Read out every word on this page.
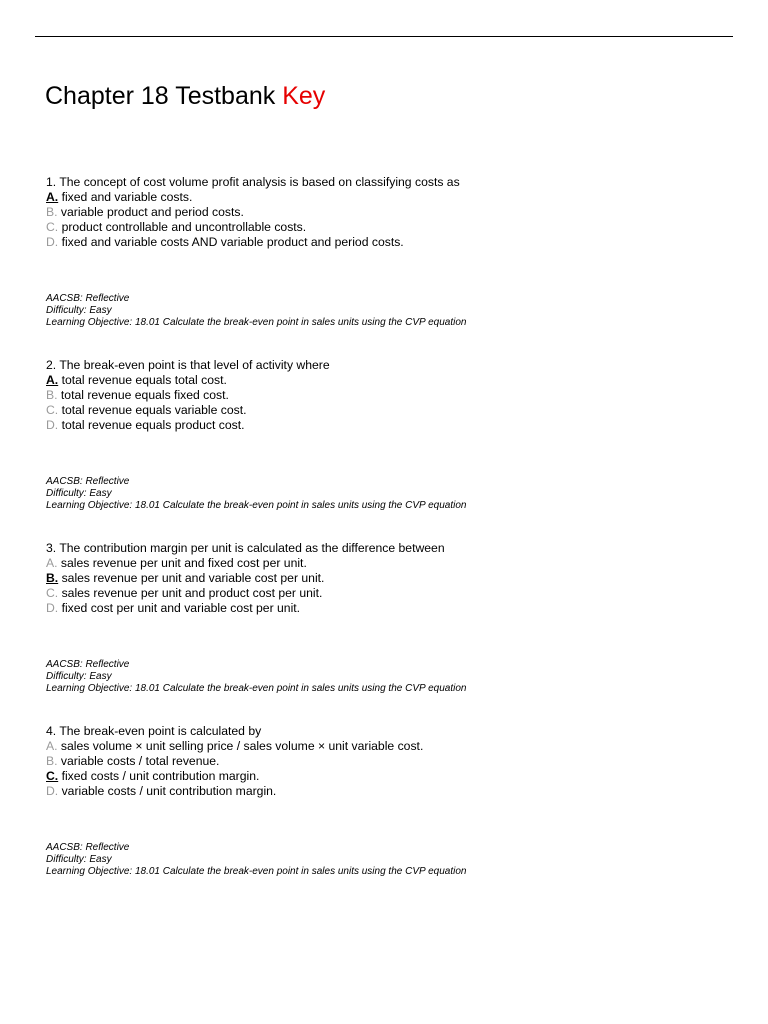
Chapter 18 Testbank Key
1. The concept of cost volume profit analysis is based on classifying costs as
A. fixed and variable costs.
B. variable product and period costs.
C. product controllable and uncontrollable costs.
D. fixed and variable costs AND variable product and period costs.
AACSB: Reflective
Difficulty: Easy
Learning Objective: 18.01 Calculate the break-even point in sales units using the CVP equation
2. The break-even point is that level of activity where
A. total revenue equals total cost.
B. total revenue equals fixed cost.
C. total revenue equals variable cost.
D. total revenue equals product cost.
AACSB: Reflective
Difficulty: Easy
Learning Objective: 18.01 Calculate the break-even point in sales units using the CVP equation
3. The contribution margin per unit is calculated as the difference between
A. sales revenue per unit and fixed cost per unit.
B. sales revenue per unit and variable cost per unit.
C. sales revenue per unit and product cost per unit.
D. fixed cost per unit and variable cost per unit.
AACSB: Reflective
Difficulty: Easy
Learning Objective: 18.01 Calculate the break-even point in sales units using the CVP equation
4. The break-even point is calculated by
A. sales volume × unit selling price / sales volume × unit variable cost.
B. variable costs / total revenue.
C. fixed costs / unit contribution margin.
D. variable costs / unit contribution margin.
AACSB: Reflective
Difficulty: Easy
Learning Objective: 18.01 Calculate the break-even point in sales units using the CVP equation
